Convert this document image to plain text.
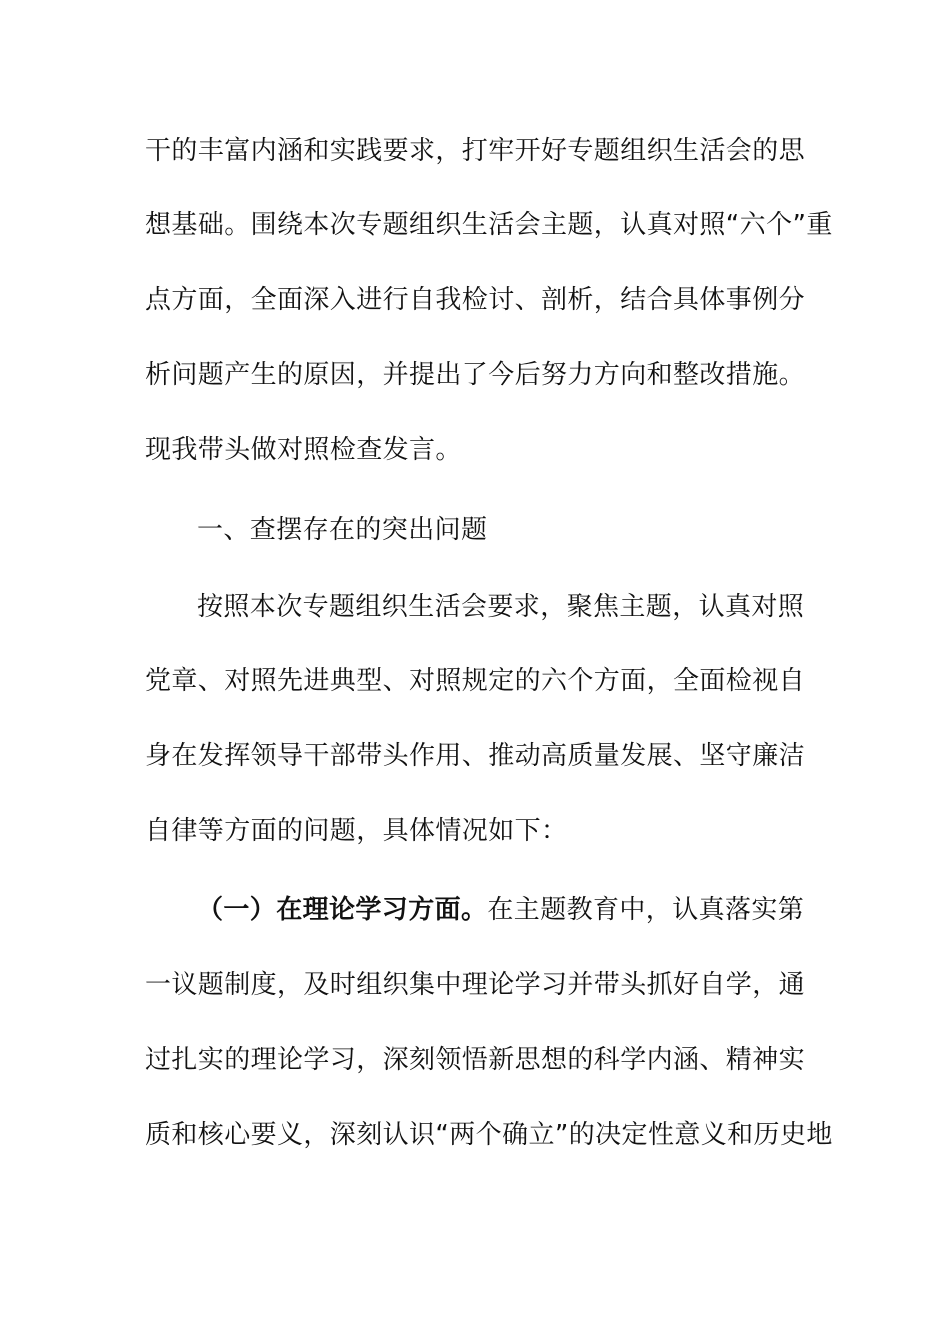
干的丰富内涵和实践要求，打牢开好专题组织生活会的思
想基础。围绕本次专题组织生活会主题，认真对照“六个”重
点方面，全面深入进行自我检讨、剖析，结合具体事例分
析问题产生的原因，并提出了今后努力方向和整改措施。
现我带头做对照检查发言。
一、查摆存在的突出问题
按照本次专题组织生活会要求，聚焦主题，认真对照
党章、对照先进典型、对照规定的六个方面，全面检视自
身在发挥领导干部带头作用、推动高质量发展、坚守廉洁
自律等方面的问题，具体情况如下：
（一）在理论学习方面。在主题教育中，认真落实第
一议题制度，及时组织集中理论学习并带头抓好自学，通
过扎实的理论学习，深刻领悟新思想的科学内涵、精神实
质和核心要义，深刻认识“两个确立”的决定性意义和历史地
